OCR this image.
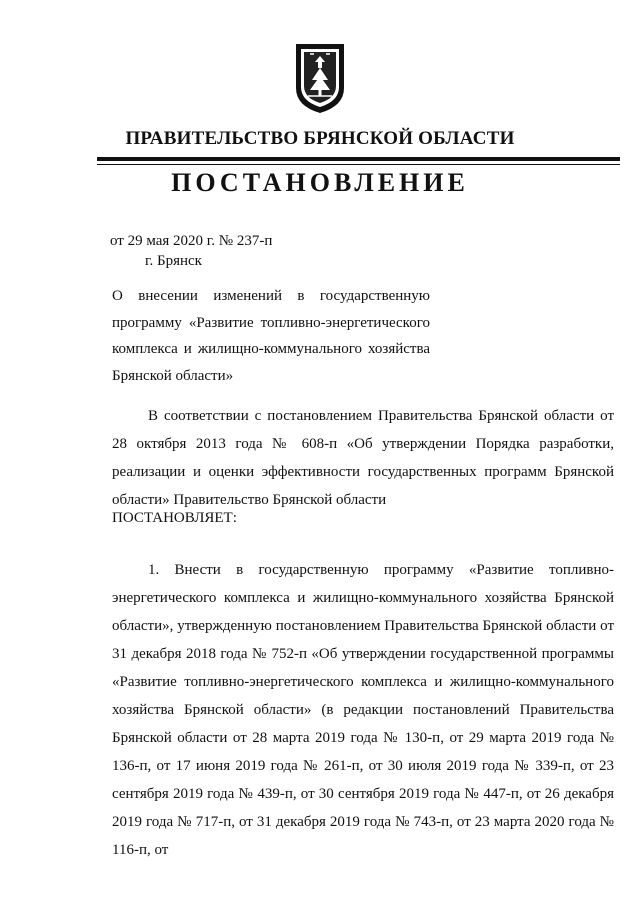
ПРАВИТЕЛЬСТВО БРЯНСКОЙ ОБЛАСТИ
ПОСТАНОВЛЕНИЕ
от 29 мая 2020 г. № 237-п
г. Брянск

О внесении изменений в государственную программу «Развитие топливно-энергетического комплекса и жилищно-коммунального хозяйства Брянской области»

В соответствии с постановлением Правительства Брянской области от 28 октября 2013 года № 608-п «Об утверждении Порядка разработки, реализации и оценки эффективности государственных программ Брянской области» Правительство Брянской области

ПОСТАНОВЛЯЕТ:

1. Внести в государственную программу «Развитие топливно-энергетического комплекса и жилищно-коммунального хозяйства Брянской области», утвержденную постановлением Правительства Брянской области от 31 декабря 2018 года № 752-п «Об утверждении государственной программы «Развитие топливно-энергетического комплекса и жилищно-коммунального хозяйства Брянской области» (в редакции постановлений Правительства Брянской области от 28 марта 2019 года № 130-п, от 29 марта 2019 года № 136-п, от 17 июня 2019 года № 261-п, от 30 июля 2019 года № 339-п, от 23 сентября 2019 года № 439-п, от 30 сентября 2019 года № 447-п, от 26 декабря 2019 года № 717-п, от 31 декабря 2019 года № 743-п, от 23 марта 2020 года № 116-п, от
